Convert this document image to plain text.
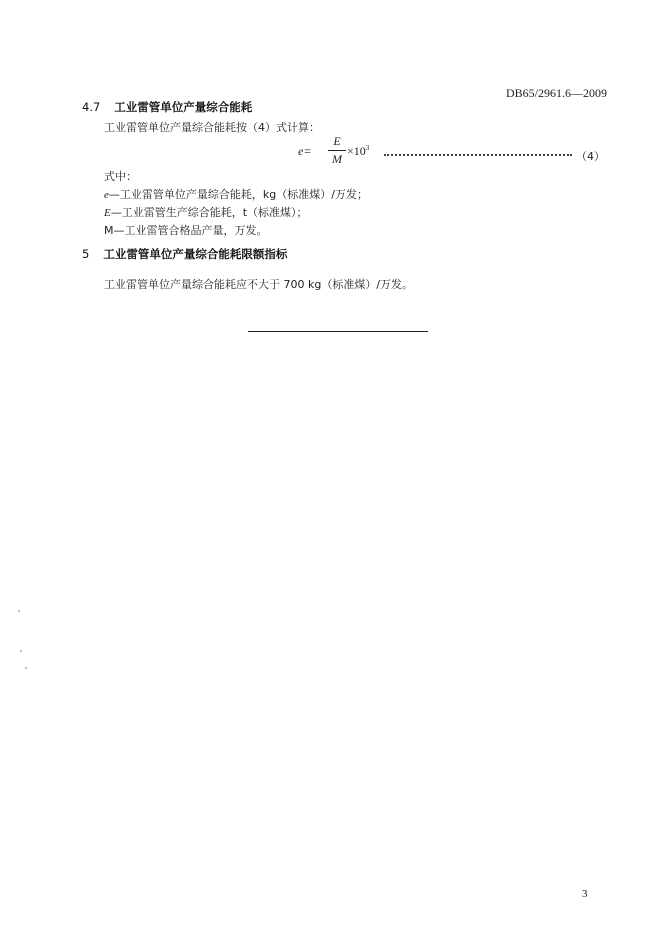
DB65/2961.6—2009
4.7 工业雷管单位产量综合能耗
工业雷管单位产量综合能耗按（4）式计算：
e=
E
M
$\times 10^3$
（4）
式中：
e—工业雷管单位产量综合能耗，kg（标准煤）/万发；
E—工业雷管生产综合能耗，t（标准煤）；
M—工业雷管合格品产量，万发。
5 工业雷管单位产量综合能耗限额指标
工业雷管单位产量综合能耗应不大于 700 kg（标准煤）/万发。
3
